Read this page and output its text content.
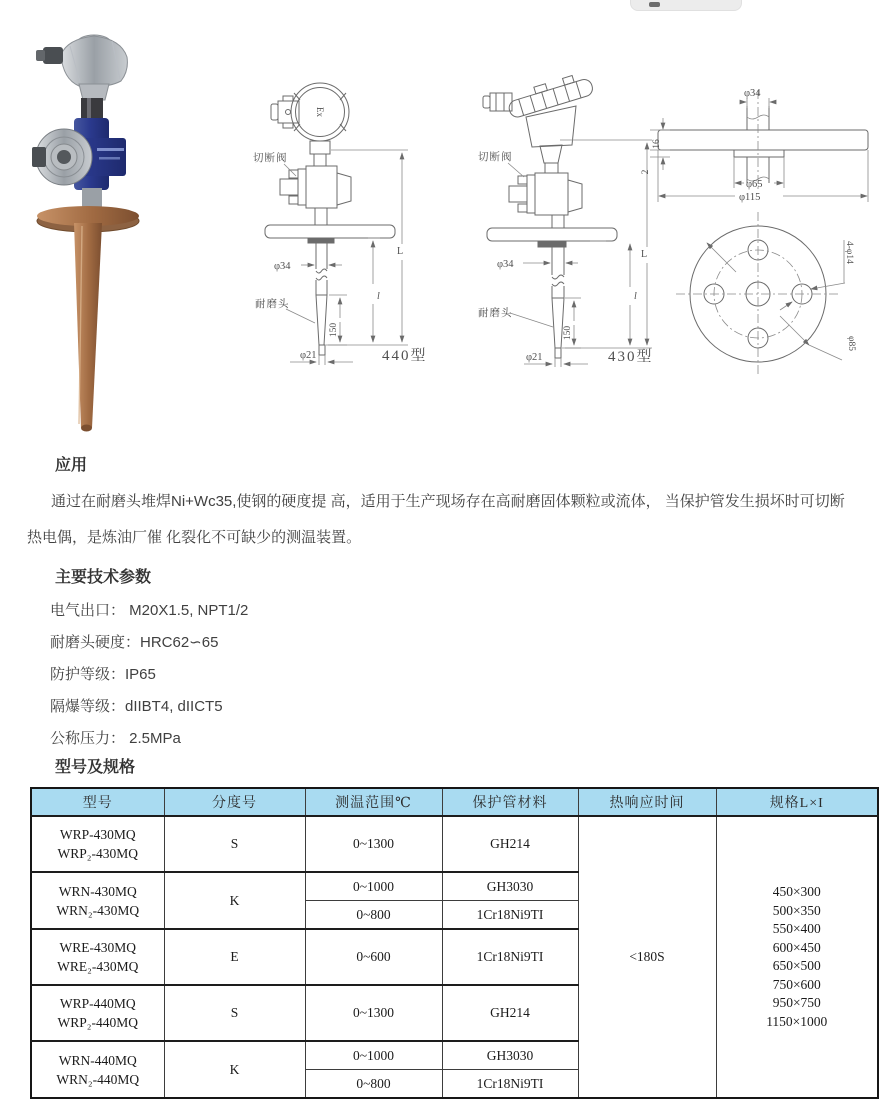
Ex
切断阀
φ34
耐磨头
150
φ21
l
L
440型
切断阀
φ34
耐磨头
150
φ21
l
L
430型
φ34
16
2
φ65
φ115
4-φ14
φ85
应用

通过在耐磨头堆焊Ni+Wc35,使钢的硬度提 高，适用于生产现场存在高耐磨固体颗粒或流体， 当保护管发生损坏时可切断热电偶，是炼油厂催 化裂化不可缺少的测温装置。

主要技术参数
电气出口： M20X1.5, NPT1/2
耐磨头硬度：HRC62∽65
防护等级：IP65
隔爆等级：dIIBT4, dIICT5
公称压力： 2.5MPa
型号及规格
型号	分度号	测温范围℃	保护管材料	热响应时间	规格L×I

WRP-430MQ
WRP₂-430MQ
	S	0~1300	GH214	<180S	
450×300
500×350
550×400
600×450
650×500
750×600
950×750
1150×1000

WRN-430MQ
WRN₂-430MQ	K	0~1000	GH3030		
		0~800	1Cr18Ni9TI		

WRE-430MQ
WRE₂-430MQ	E	0~600	1Cr18Ni9TI		

WRP-440MQ
WRP₂-440MQ	S	0~1300	GH214		

WRN-440MQ
WRN₂-440MQ	K	0~1000	GH3030		
		0~800	1Cr18Ni9TI		
